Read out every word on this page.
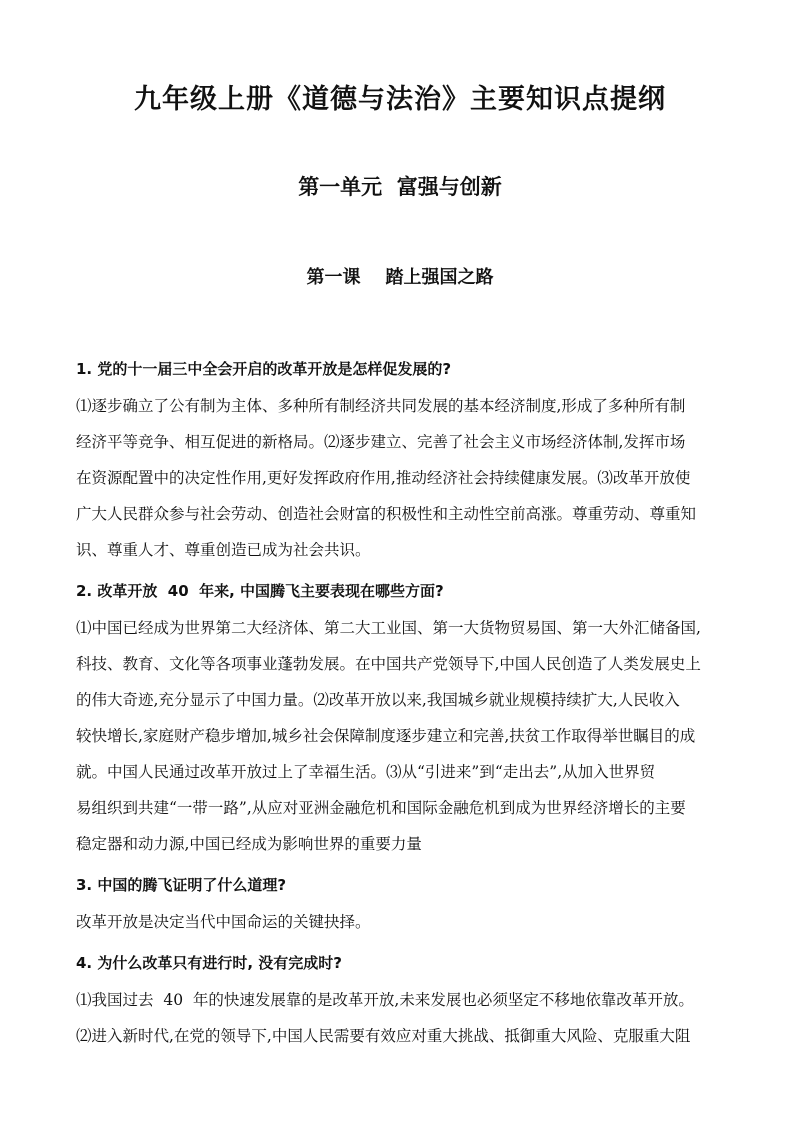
九年级上册《道德与法治》主要知识点提纲
第一单元  富强与创新
第一课    踏上强国之路

1. 党的十一届三中全会开启的改革开放是怎样促发展的?

⑴逐步确立了公有制为主体、多种所有制经济共同发展的基本经济制度,形成了多种所有制
经济平等竞争、相互促进的新格局。⑵逐步建立、完善了社会主义市场经济体制,发挥市场
在资源配置中的决定性作用,更好发挥政府作用,推动经济社会持续健康发展。⑶改革开放使
广大人民群众参与社会劳动、创造社会财富的积极性和主动性空前高涨。尊重劳动、尊重知
识、尊重人才、尊重创造已成为社会共识。

2. 改革开放  40  年来, 中国腾飞主要表现在哪些方面?

⑴中国已经成为世界第二大经济体、第二大工业国、第一大货物贸易国、第一大外汇储备国,
科技、教育、文化等各项事业蓬勃发展。在中国共产党领导下,中国人民创造了人类发展史上
的伟大奇迹,充分显示了中国力量。⑵改革开放以来,我国城乡就业规模持续扩大,人民收入
较快增长,家庭财产稳步增加,城乡社会保障制度逐步建立和完善,扶贫工作取得举世瞩目的成
就。中国人民通过改革开放过上了幸福生活。⑶从“引进来”到“走出去”,从加入世界贸
易组织到共建“一带一路”,从应对亚洲金融危机和国际金融危机到成为世界经济增长的主要
稳定器和动力源,中国已经成为影响世界的重要力量

3. 中国的腾飞证明了什么道理?

改革开放是决定当代中国命运的关键抉择。

4. 为什么改革只有进行时, 没有完成时?

⑴我国过去  40  年的快速发展靠的是改革开放,未来发展也必须坚定不移地依靠改革开放。
⑵进入新时代,在党的领导下,中国人民需要有效应对重大挑战、抵御重大风险、克服重大阻
